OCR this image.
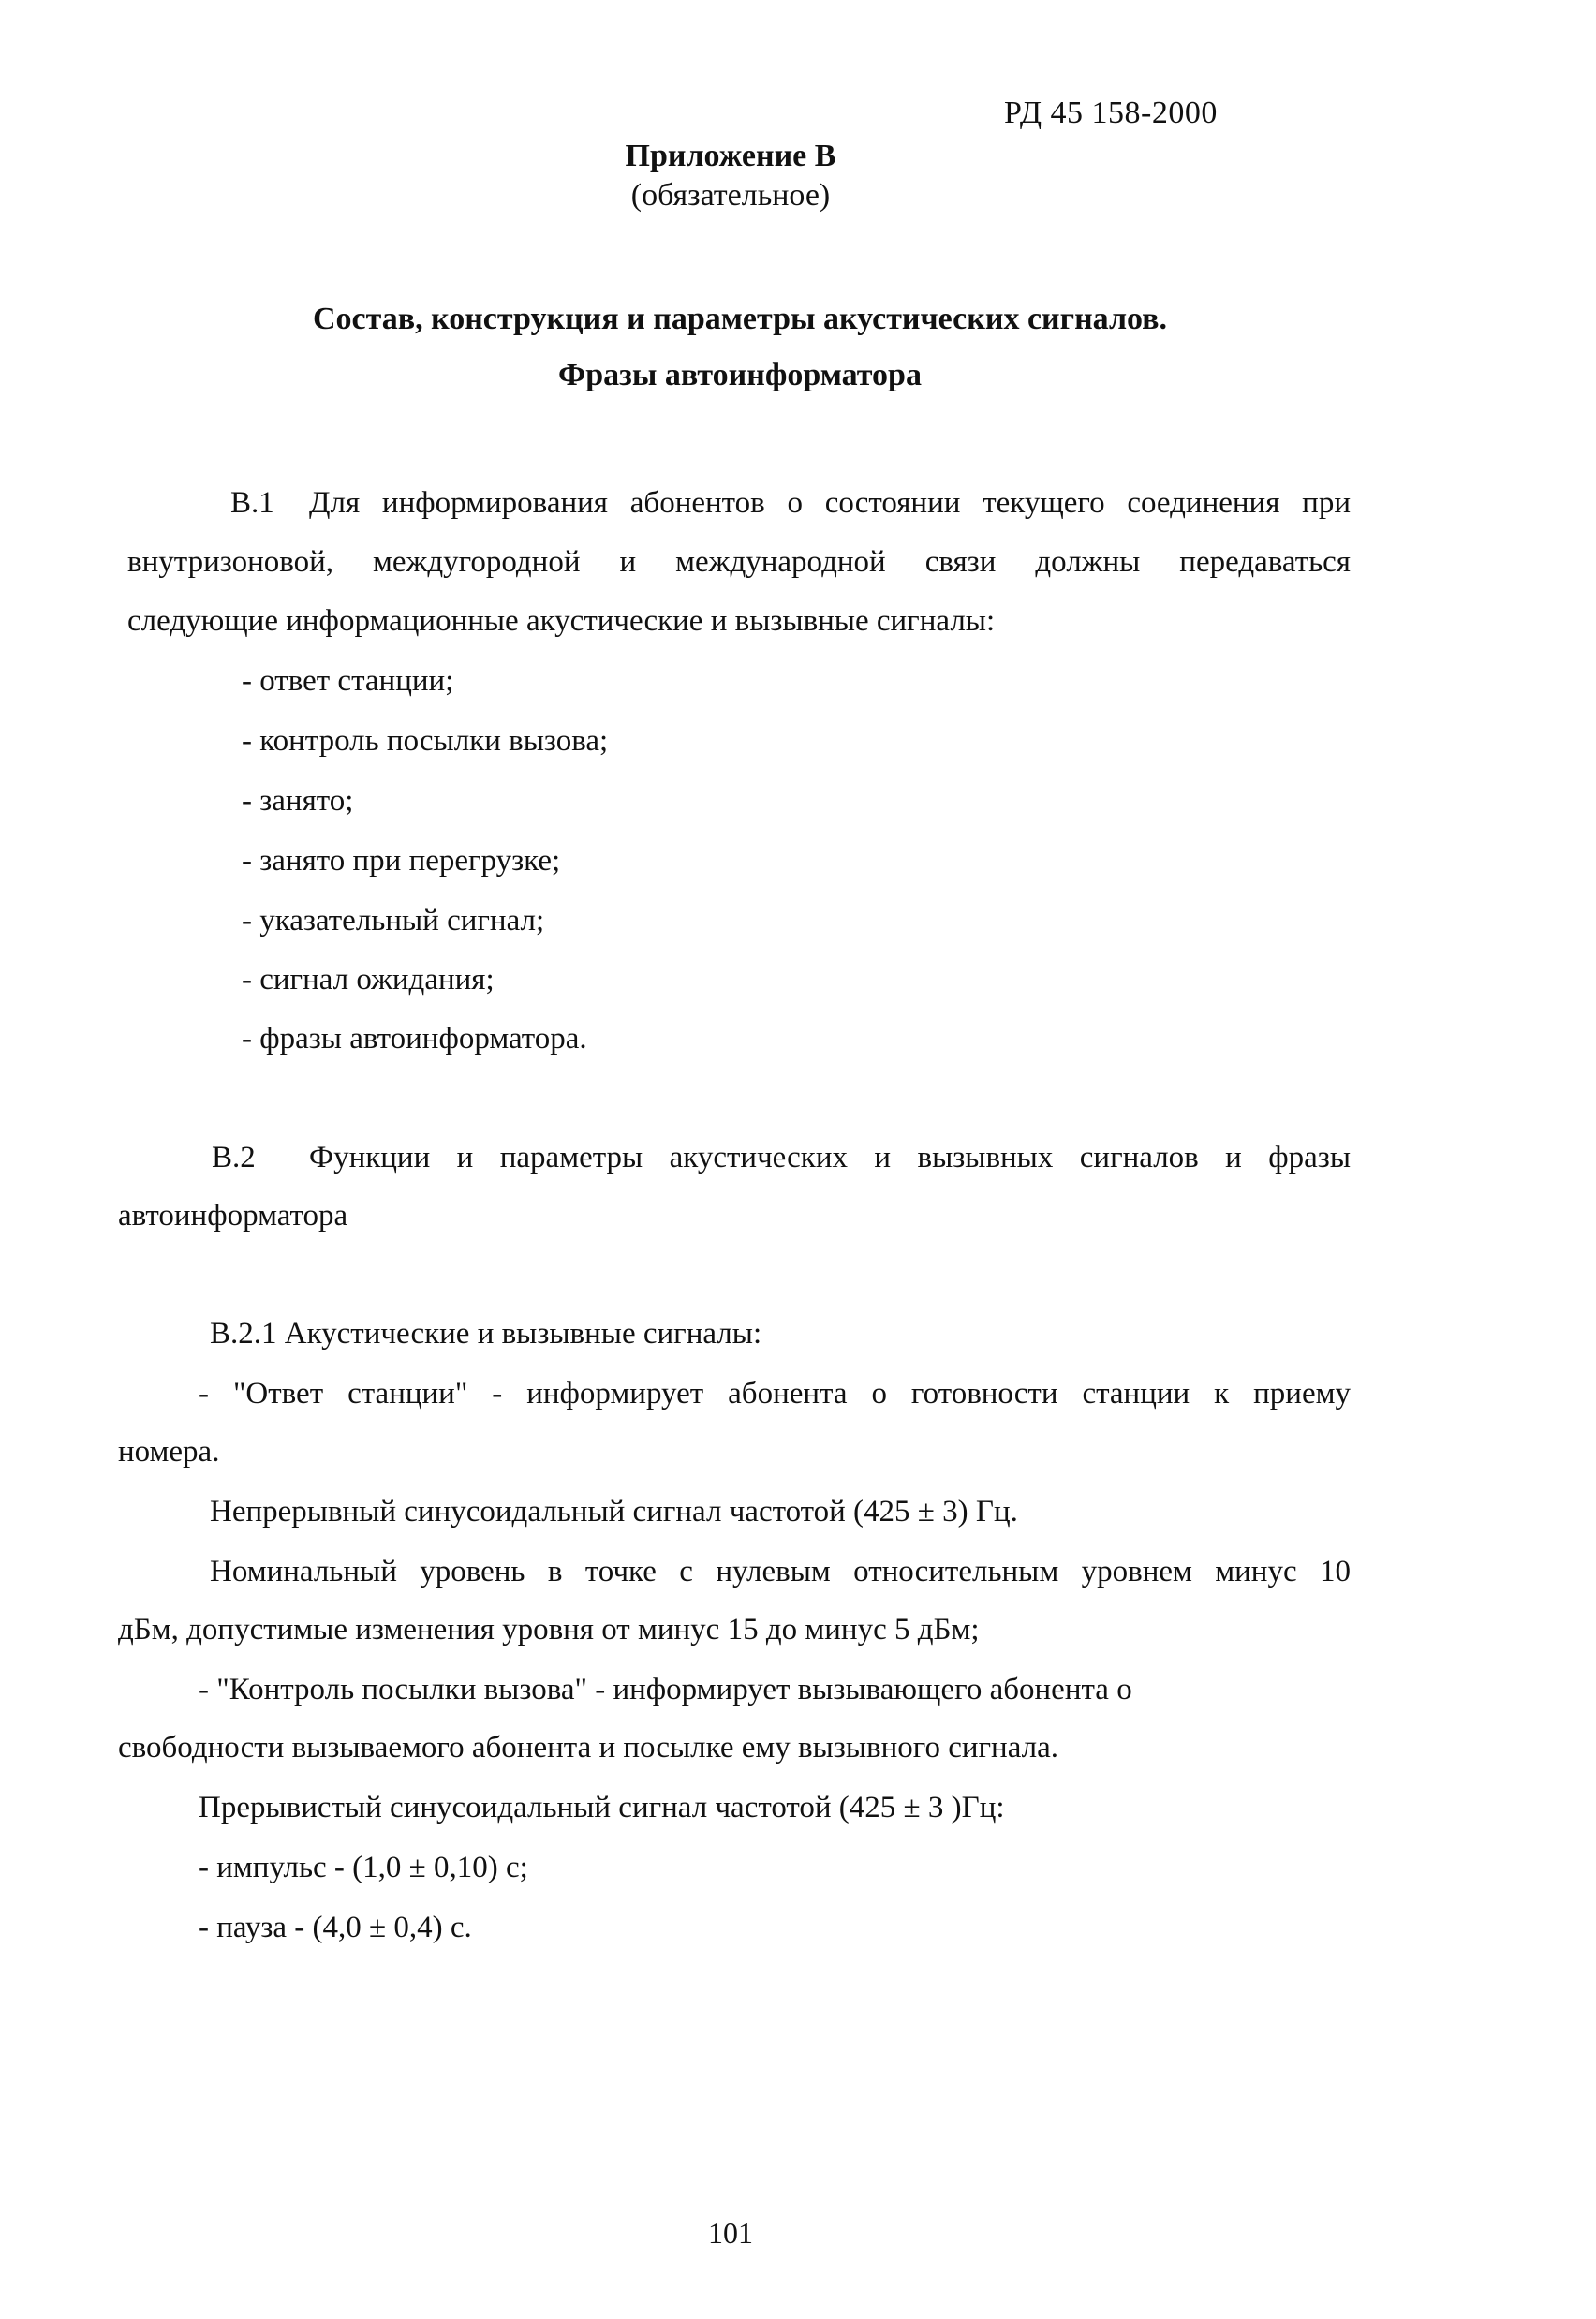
РД 45 158-2000
Приложение В
(обязательное)
Состав, конструкция и параметры акустических сигналов.
Фразы автоинформатора
В.1 Для информирования абонентов о состоянии текущего соединения при
внутризоновой, междугородной и международной связи должны передаваться
следующие информационные акустические и вызывные сигналы:
- ответ станции;
- контроль посылки вызова;
- занято;
- занято при перегрузке;
- указательный сигнал;
- сигнал ожидания;
- фразы автоинформатора.
В.2 Функции и параметры акустических и вызывных сигналов и фразы
автоинформатора
В.2.1 Акустические и вызывные сигналы:
- "Ответ станции" - информирует абонента о готовности станции к приему
номера.
Непрерывный синусоидальный сигнал частотой (425 ± 3) Гц.
Номинальный уровень в точке с нулевым относительным уровнем минус 10
дБм, допустимые изменения уровня от минус 15 до минус 5 дБм;
- "Контроль посылки вызова" - информирует вызывающего абонента о
свободности вызываемого абонента и посылке ему вызывного сигнала.
Прерывистый синусоидальный сигнал частотой (425 ± 3 )Гц:
- импульс - (1,0 ± 0,10) с;
- пауза - (4,0 ± 0,4) с.
101
